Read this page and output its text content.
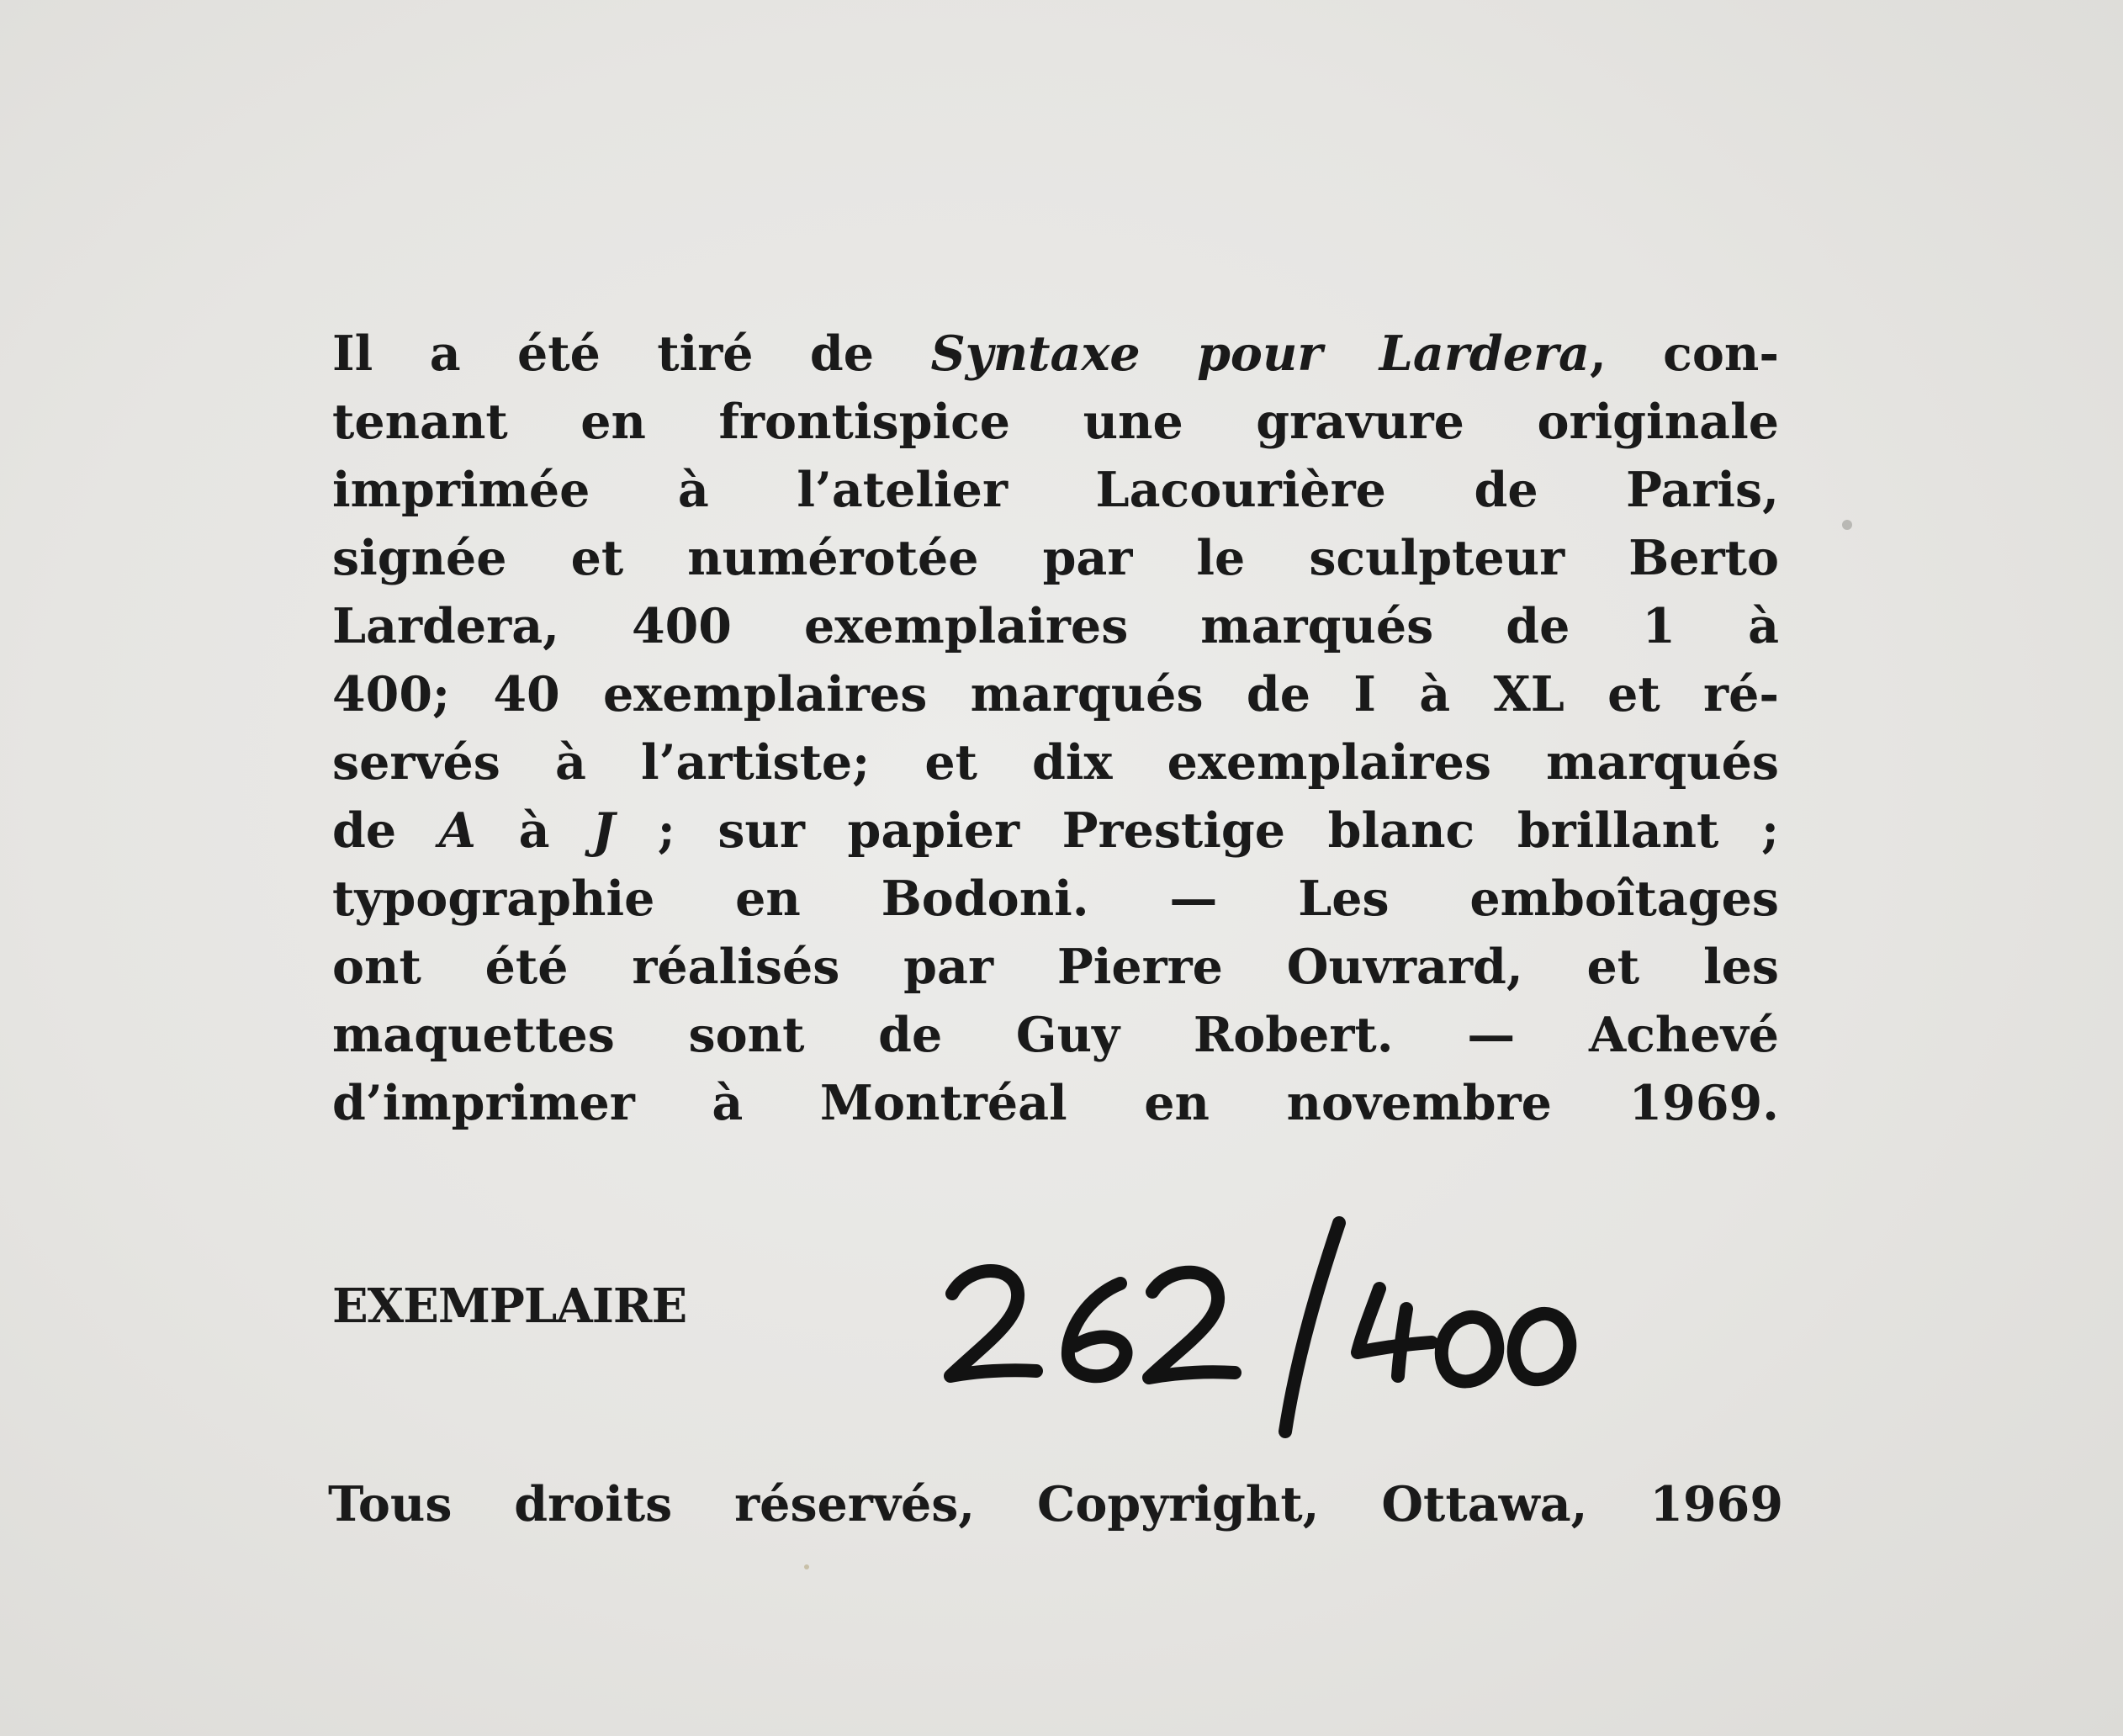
Il a été tiré de Syntaxe pour Lardera, con-
tenant en frontispice une gravure originale
imprimée à l’atelier Lacourière de Paris,
signée et numérotée par le sculpteur Berto
Lardera, 400 exemplaires marqués de 1 à
400; 40 exemplaires marqués de I à XL et ré-
servés à l’artiste; et dix exemplaires marqués
de A à J ; sur papier Prestige blanc brillant ;
typographie en Bodoni. — Les emboîtages
ont été réalisés par Pierre Ouvrard, et les
maquettes sont de Guy Robert. — Achevé
d’imprimer à Montréal en novembre 1969.
EXEMPLAIRE
Tous droits réservés, Copyright, Ottawa, 1969
